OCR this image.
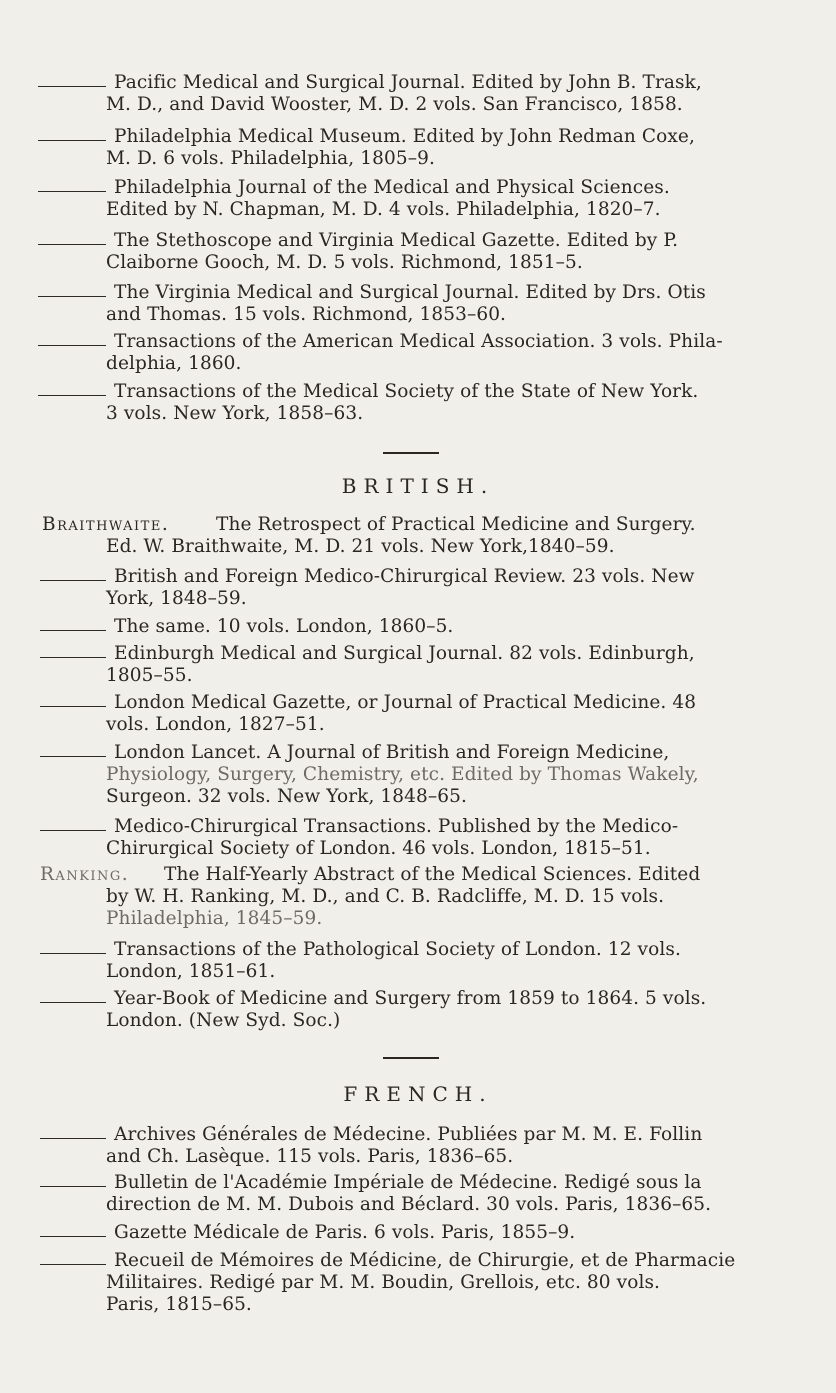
Pacific Medical and Surgical Journal. Edited by John B. Trask,
M. D., and David Wooster, M. D. 2 vols. San Francisco, 1858.
Philadelphia Medical Museum. Edited by John Redman Coxe,
M. D. 6 vols. Philadelphia, 1805–9.
Philadelphia Journal of the Medical and Physical Sciences.
Edited by N. Chapman, M. D. 4 vols. Philadelphia, 1820–7.
The Stethoscope and Virginia Medical Gazette. Edited by P.
Claiborne Gooch, M. D. 5 vols. Richmond, 1851–5.
The Virginia Medical and Surgical Journal. Edited by Drs. Otis
and Thomas. 15 vols. Richmond, 1853–60.
Transactions of the American Medical Association. 3 vols. Phila-
delphia, 1860.
Transactions of the Medical Society of the State of New York.
3 vols. New York, 1858–63.
BRITISH.
Braithwaite.	The Retrospect of Practical Medicine and Surgery.
Ed. W. Braithwaite, M. D. 21 vols. New York,1840–59.
British and Foreign Medico-Chirurgical Review. 23 vols. New
York, 1848–59.
The same. 10 vols. London, 1860–5.
Edinburgh Medical and Surgical Journal. 82 vols. Edinburgh,
1805–55.
London Medical Gazette, or Journal of Practical Medicine. 48
vols. London, 1827–51.
London Lancet. A Journal of British and Foreign Medicine,
Physiology, Surgery, Chemistry, etc. Edited by Thomas Wakely,
Surgeon. 32 vols. New York, 1848–65.
Medico-Chirurgical Transactions. Published by the Medico-
Chirurgical Society of London. 46 vols. London, 1815–51.
Ranking. The Half-Yearly Abstract of the Medical Sciences. Edited
by W. H. Ranking, M. D., and C. B. Radcliffe, M. D. 15 vols.
Philadelphia, 1845–59.
Transactions of the Pathological Society of London. 12 vols.
London, 1851–61.
Year-Book of Medicine and Surgery from 1859 to 1864. 5 vols.
London. (New Syd. Soc.)
FRENCH.
Archives Générales de Médecine. Publiées par M. M. E. Follin
and Ch. Lasèque. 115 vols. Paris, 1836–65.
Bulletin de l'Académie Impériale de Médecine. Redigé sous la
direction de M. M. Dubois and Béclard. 30 vols. Paris, 1836–65.
Gazette Médicale de Paris. 6 vols. Paris, 1855–9.
Recueil de Mémoires de Médicine, de Chirurgie, et de Pharmacie
Militaires. Redigé par M. M. Boudin, Grellois, etc. 80 vols.
Paris, 1815–65.
